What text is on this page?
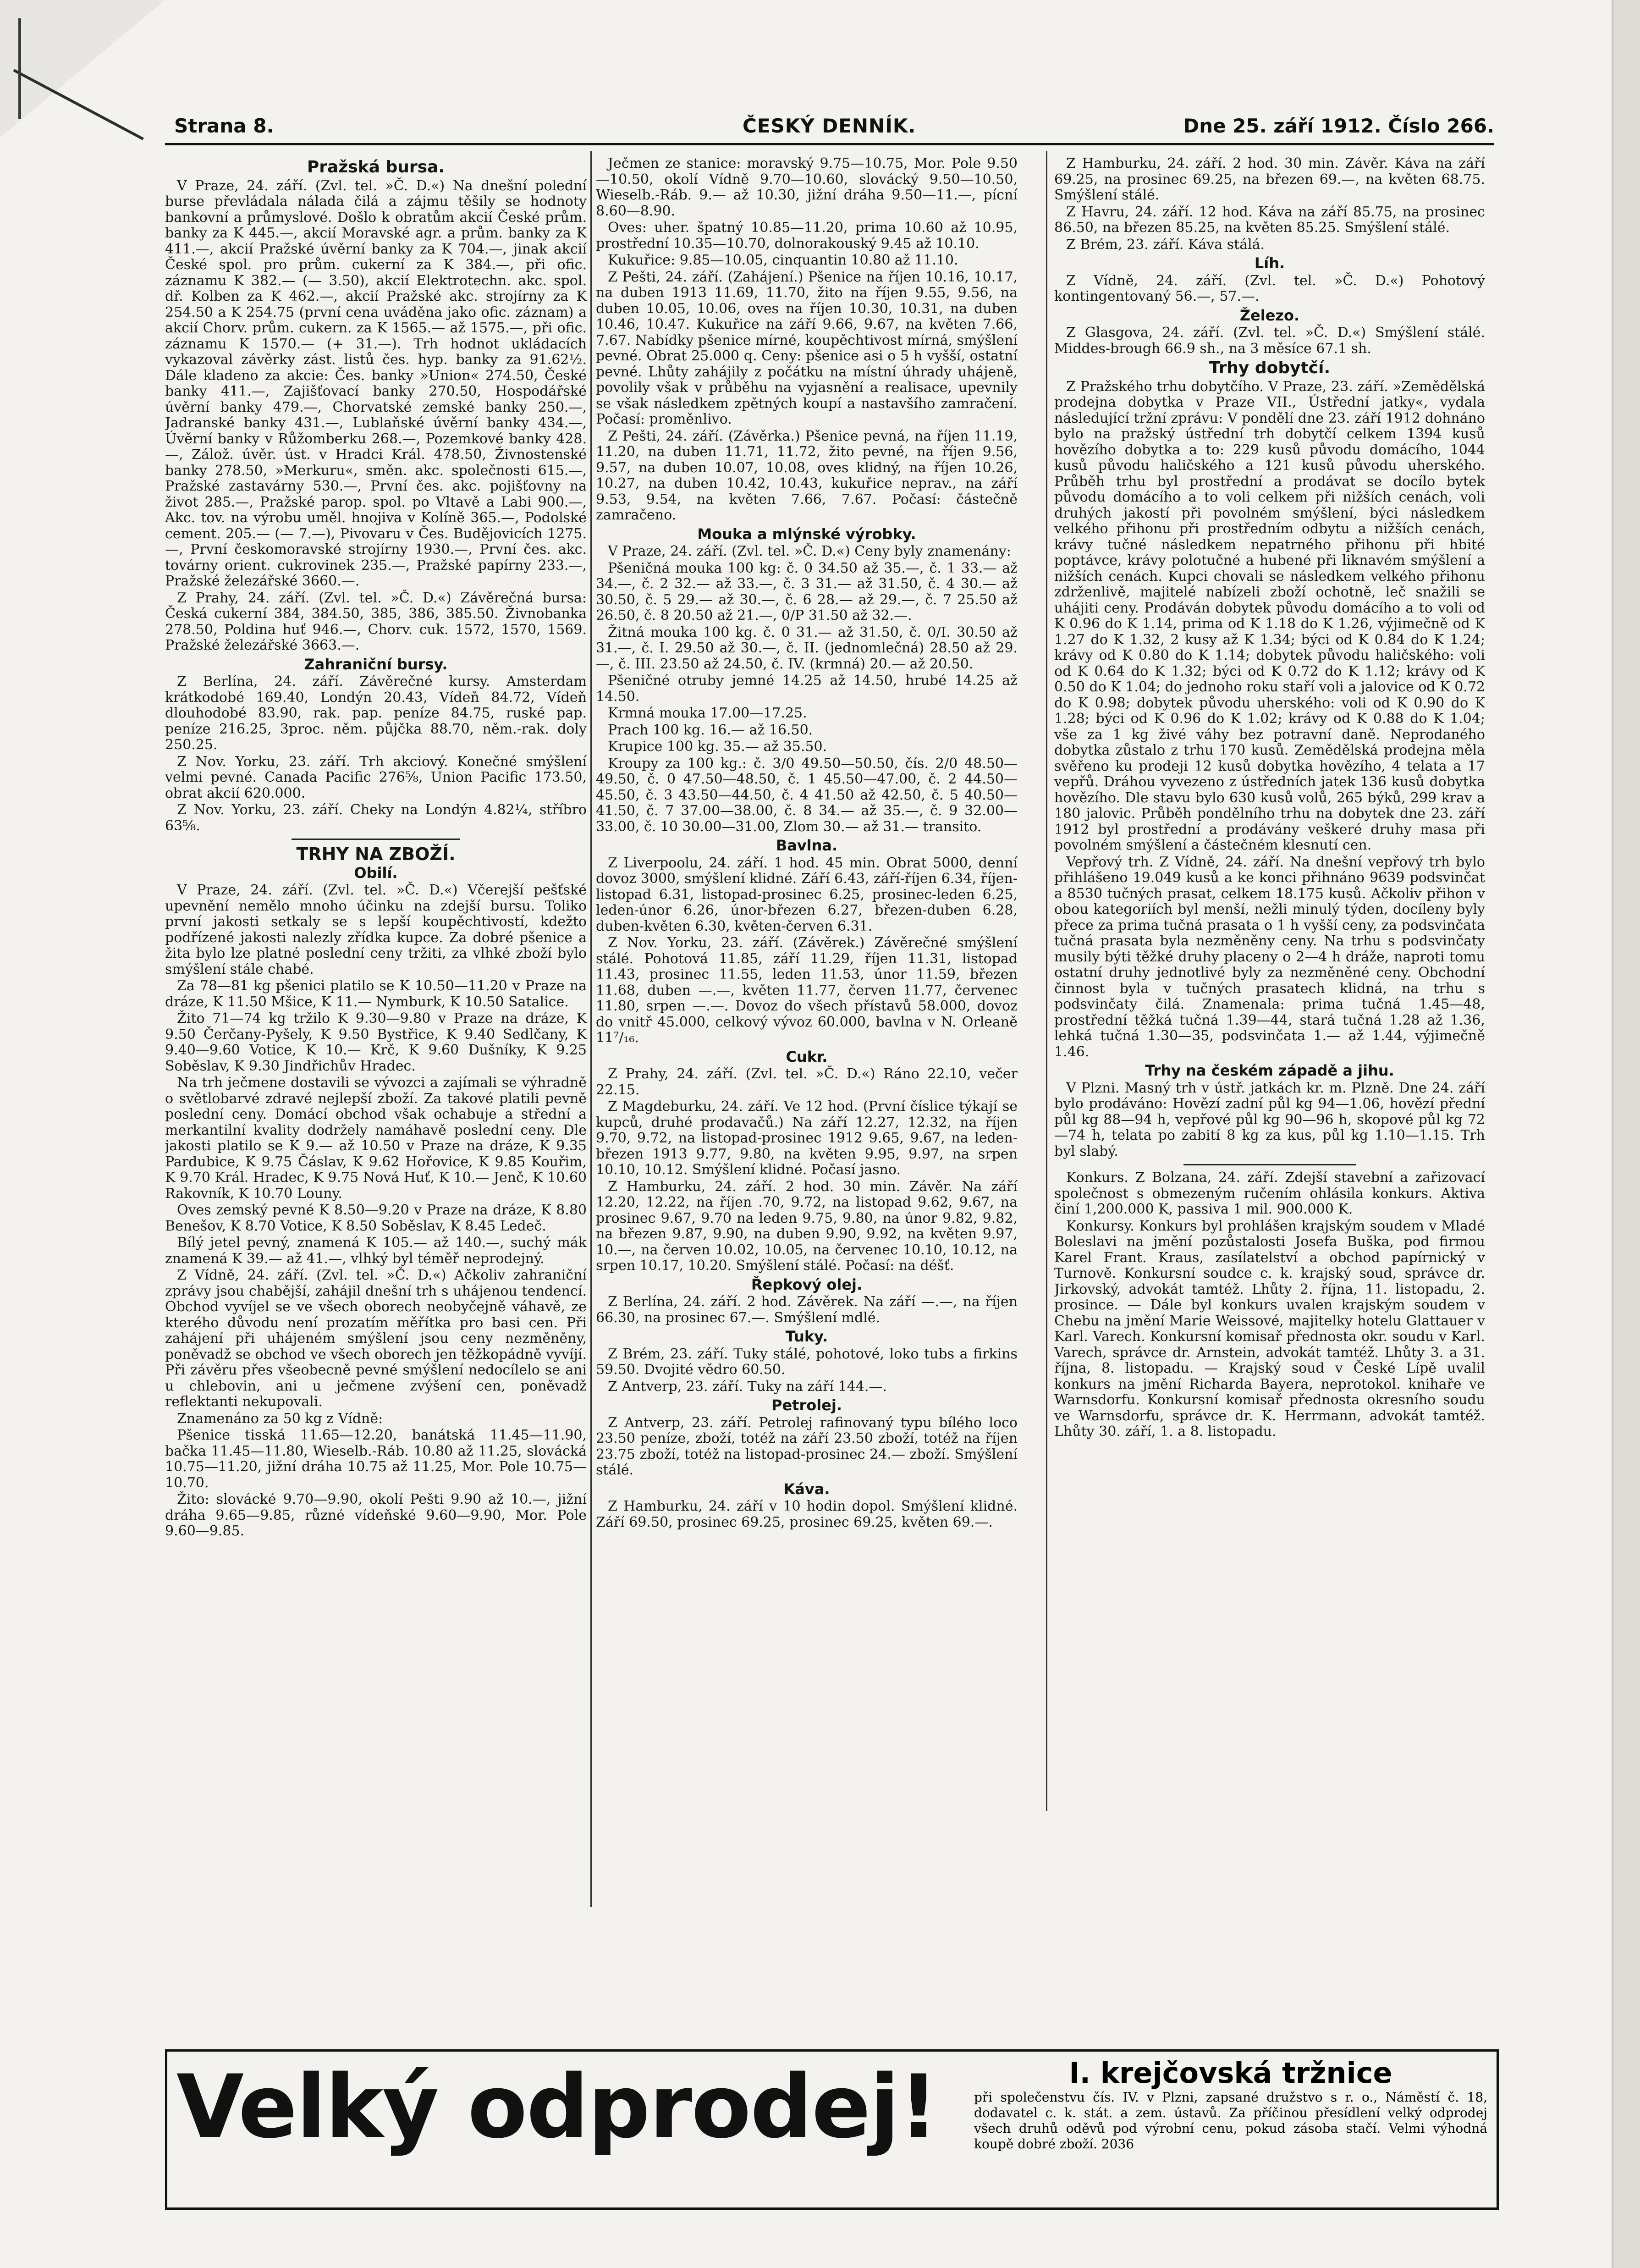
Strana 8.	ČESKÝ DENNÍK.	Dne 25. září 1912. Číslo 266.
Pražská bursa.

V Praze, 24. září. (Zvl. tel. »Č. D.«) Na dnešní polední burse převládala nálada čilá a zájmu těšily se hodnoty bankovní a průmyslové. Došlo k obratům akcií České prům. banky za K 445.—, akcií Moravské agr. a prům. banky za K 411.—, akcií Pražské úvěrní banky za K 704.—, jinak akcií České spol. pro prům. cukerní za K 384.—, při ofic. záznamu K 382.— (— 3.50), akcií Elektrotechn. akc. spol. dř. Kolben za K 462.—, akcií Pražské akc. strojírny za K 254.50 a K 254.75 (první cena uváděna jako ofic. záznam) a akcií Chorv. prům. cukern. za K 1565.— až 1575.—, při ofic. záznamu K 1570.— (+ 31.—). Trh hodnot ukládacích vykazoval závěrky zást. listů čes. hyp. banky za 91.62½. Dále kladeno za akcie: Čes. banky »Union« 274.50, České banky 411.—, Zajišťovací banky 270.50, Hospodářské úvěrní banky 479.—, Chorvatské zemské banky 250.—, Jadranské banky 431.—, Lublaňské úvěrní banky 434.—, Úvěrní banky v Růžomberku 268.—, Pozemkové banky 428.—, Zálož. úvěr. úst. v Hradci Král. 478.50, Živnostenské banky 278.50, »Merkuru«, směn. akc. společnosti 615.—, Pražské zastavárny 530.—, První čes. akc. pojišťovny na život 285.—, Pražské parop. spol. po Vltavě a Labi 900.—, Akc. tov. na výrobu uměl. hnojiva v Kolíně 365.—, Podolské cement. 205.— (— 7.—), Pivovaru v Čes. Budějovicích 1275.—, První českomoravské strojírny 1930.—, První čes. akc. továrny orient. cukrovinek 235.—, Pražské papírny 233.—, Pražské železářské 3660.—.

Z Prahy, 24. září. (Zvl. tel. »Č. D.«) Závěrečná bursa: Česká cukerní 384, 384.50, 385, 386, 385.50. Živnobanka 278.50, Poldina huť 946.—, Chorv. cuk. 1572, 1570, 1569. Pražské železářské 3663.—.

Zahraniční bursy.

Z Berlína, 24. září. Závěrečné kursy. Amsterdam krátkodobé 169.40, Londýn 20.43, Vídeň 84.72, Vídeň dlouhodobé 83.90, rak. pap. peníze 84.75, ruské pap. peníze 216.25, 3proc. něm. půjčka 88.70, něm.-rak. doly 250.25.

Z Nov. Yorku, 23. září. Trh akciový. Konečné smýšlení velmi pevné. Canada Pacific 276⅝, Union Pacific 173.50, obrat akcií 620.000.

Z Nov. Yorku, 23. září. Cheky na Londýn 4.82¼, stříbro 63⅝.

TRHY NA ZBOŽÍ.
Obilí.

V Praze, 24. září. (Zvl. tel. »Č. D.«) Včerejší pešťské upevnění nemělo mnoho účinku na zdejší bursu. Toliko první jakosti setkaly se s lepší koupěchtivostí, kdežto podřízené jakosti nalezly zřídka kupce. Za dobré pšenice a žita bylo lze platné poslední ceny tržiti, za vlhké zboží bylo smýšlení stále chabé.

Za 78—81 kg pšenici platilo se K 10.50—11.20 v Praze na dráze, K 11.50 Mšice, K 11.— Nymburk, K 10.50 Satalice.

Žito 71—74 kg tržilo K 9.30—9.80 v Praze na dráze, K 9.50 Čerčany-Pyšely, K 9.50 Bystřice, K 9.40 Sedlčany, K 9.40—9.60 Votice, K 10.— Krč, K 9.60 Dušníky, K 9.25 Soběslav, K 9.30 Jindřichův Hradec.

Na trh ječmene dostavili se vývozci a zajímali se výhradně o světlobarvé zdravé nejlepší zboží. Za takové platili pevně poslední ceny. Domácí obchod však ochabuje a střední a merkantilní kvality dodržely namáhavě poslední ceny. Dle jakosti platilo se K 9.— až 10.50 v Praze na dráze, K 9.35 Pardubice, K 9.75 Čáslav, K 9.62 Hořovice, K 9.85 Kouřim, K 9.70 Král. Hradec, K 9.75 Nová Huť, K 10.— Jenč, K 10.60 Rakovník, K 10.70 Louny.

Oves zemský pevné K 8.50—9.20 v Praze na dráze, K 8.80 Benešov, K 8.70 Votice, K 8.50 Soběslav, K 8.45 Ledeč.

Bílý jetel pevný, znamená K 105.— až 140.—, suchý mák znamená K 39.— až 41.—, vlhký byl téměř neprodejný.

Z Vídně, 24. září. (Zvl. tel. »Č. D.«) Ačkoliv zahraniční zprávy jsou chabější, zahájil dnešní trh s uhájenou tendencí. Obchod vyvíjel se ve všech oborech neobyčejně váhavě, ze kterého důvodu není prozatím měřítka pro basi cen. Při zahájení při uhájeném smýšlení jsou ceny nezměněny, poněvadž se obchod ve všech oborech jen těžkopádně vyvíjí. Při závěru přes všeobecně pevné smýšlení nedocílelo se ani u chlebovin, ani u ječmene zvýšení cen, poněvadž reflektanti nekupovali.

Znamenáno za 50 kg z Vídně:

Pšenice tisská 11.65—12.20, banátská 11.45—11.90, bačka 11.45—11.80, Wieselb.-Ráb. 10.80 až 11.25, slovácká 10.75—11.20, jižní dráha 10.75 až 11.25, Mor. Pole 10.75—10.70.

Žito: slovácké 9.70—9.90, okolí Pešti 9.90 až 10.—, jižní dráha 9.65—9.85, různé vídeňské 9.60—9.90, Mor. Pole 9.60—9.85.

Ječmen ze stanice: moravský 9.75—10.75, Mor. Pole 9.50—10.50, okolí Vídně 9.70—10.60, slovácký 9.50—10.50, Wieselb.-Ráb. 9.— až 10.30, jižní dráha 9.50—11.—, pícní 8.60—8.90.

Oves: uher. špatný 10.85—11.20, prima 10.60 až 10.95, prostřední 10.35—10.70, dolnorakouský 9.45 až 10.10.

Kukuřice: 9.85—10.05, cinquantin 10.80 až 11.10.

Z Pešti, 24. září. (Zahájení.) Pšenice na říjen 10.16, 10.17, na duben 1913 11.69, 11.70, žito na říjen 9.55, 9.56, na duben 10.05, 10.06, oves na říjen 10.30, 10.31, na duben 10.46, 10.47. Kukuřice na září 9.66, 9.67, na květen 7.66, 7.67. Nabídky pšenice mírné, koupěchtivost mírná, smýšlení pevné. Obrat 25.000 q. Ceny: pšenice asi o 5 h vyšší, ostatní pevné. Lhůty zahájily z počátku na místní úhrady uhájeně, povolily však v průběhu na vyjasnění a realisace, upevnily se však následkem zpětných koupí a nastavšího zamračení. Počasí: proměnlivo.

Z Pešti, 24. září. (Závěrka.) Pšenice pevná, na říjen 11.19, 11.20, na duben 11.71, 11.72, žito pevné, na říjen 9.56, 9.57, na duben 10.07, 10.08, oves klidný, na říjen 10.26, 10.27, na duben 10.42, 10.43, kukuřice neprav., na září 9.53, 9.54, na květen 7.66, 7.67. Počasí: částečně zamračeno.

Mouka a mlýnské výrobky.

V Praze, 24. září. (Zvl. tel. »Č. D.«) Ceny byly znamenány:

Pšeničná mouka 100 kg: č. 0 34.50 až 35.—, č. 1 33.— až 34.—, č. 2 32.— až 33.—, č. 3 31.— až 31.50, č. 4 30.— až 30.50, č. 5 29.— až 30.—, č. 6 28.— až 29.—, č. 7 25.50 až 26.50, č. 8 20.50 až 21.—, 0/P 31.50 až 32.—.

Žitná mouka 100 kg. č. 0 31.— až 31.50, č. 0/I. 30.50 až 31.—, č. I. 29.50 až 30.—, č. II. (jednomlečná) 28.50 až 29.—, č. III. 23.50 až 24.50, č. IV. (krmná) 20.— až 20.50.

Pšeničné otruby jemné 14.25 až 14.50, hrubé 14.25 až 14.50.

Krmná mouka 17.00—17.25.

Prach 100 kg. 16.— až 16.50.

Krupice 100 kg. 35.— až 35.50.

Kroupy za 100 kg.: č. 3/0 49.50—50.50, čís. 2/0 48.50—49.50, č. 0 47.50—48.50, č. 1 45.50—47.00, č. 2 44.50—45.50, č. 3 43.50—44.50, č. 4 41.50 až 42.50, č. 5 40.50—41.50, č. 7 37.00—38.00, č. 8 34.— až 35.—, č. 9 32.00—33.00, č. 10 30.00—31.00, Zlom 30.— až 31.— transito.

Bavlna.

Z Liverpoolu, 24. září. 1 hod. 45 min. Obrat 5000, denní dovoz 3000, smýšlení klidné. Září 6.43, září-říjen 6.34, říjen-listopad 6.31, listopad-prosinec 6.25, prosinec-leden 6.25, leden-únor 6.26, únor-březen 6.27, březen-duben 6.28, duben-květen 6.30, květen-červen 6.31.

Z Nov. Yorku, 23. září. (Závěrek.) Závěrečné smýšlení stálé. Pohotová 11.85, září 11.29, říjen 11.31, listopad 11.43, prosinec 11.55, leden 11.53, únor 11.59, březen 11.68, duben —.—, květen 11.77, červen 11.77, červenec 11.80, srpen —.—. Dovoz do všech přístavů 58.000, dovoz do vnitř 45.000, celkový vývoz 60.000, bavlna v N. Orleaně 11⁷/₁₆.

Cukr.

Z Prahy, 24. září. (Zvl. tel. »Č. D.«) Ráno 22.10, večer 22.15.

Z Magdeburku, 24. září. Ve 12 hod. (První číslice týkají se kupců, druhé prodavačů.) Na září 12.27, 12.32, na říjen 9.70, 9.72, na listopad-prosinec 1912 9.65, 9.67, na leden-březen 1913 9.77, 9.80, na květen 9.95, 9.97, na srpen 10.10, 10.12. Smýšlení klidné. Počasí jasno.

Z Hamburku, 24. září. 2 hod. 30 min. Závěr. Na září 12.20, 12.22, na říjen .70, 9.72, na listopad 9.62, 9.67, na prosinec 9.67, 9.70 na leden 9.75, 9.80, na únor 9.82, 9.82, na březen 9.87, 9.90, na duben 9.90, 9.92, na květen 9.97, 10.—, na červen 10.02, 10.05, na červenec 10.10, 10.12, na srpen 10.17, 10.20. Smýšlení stálé. Počasí: na déšť.

Řepkový olej.

Z Berlína, 24. září. 2 hod. Závěrek. Na září —.—, na říjen 66.30, na prosinec 67.—. Smýšlení mdlé.

Tuky.

Z Brém, 23. září. Tuky stálé, pohotové, loko tubs a firkins 59.50. Dvojité vědro 60.50.

Z Antverp, 23. září. Tuky na září 144.—.

Petrolej.

Z Antverp, 23. září. Petrolej rafinovaný typu bílého loco 23.50 peníze, zboží, totéž na září 23.50 zboží, totéž na říjen 23.75 zboží, totéž na listopad-prosinec 24.— zboží. Smýšlení stálé.

Káva.

Z Hamburku, 24. září v 10 hodin dopol. Smýšlení klidné. Září 69.50, prosinec 69.25, prosinec 69.25, květen 69.—.

Z Hamburku, 24. září. 2 hod. 30 min. Závěr. Káva na září 69.25, na prosinec 69.25, na březen 69.—, na květen 68.75. Smýšlení stálé.

Z Havru, 24. září. 12 hod. Káva na září 85.75, na prosinec 86.50, na březen 85.25, na květen 85.25. Smýšlení stálé.

Z Brém, 23. září. Káva stálá.

Líh.

Z Vídně, 24. září. (Zvl. tel. »Č. D.«) Pohotový kontingentovaný 56.—, 57.—.

Železo.

Z Glasgova, 24. září. (Zvl. tel. »Č. D.«) Smýšlení stálé. Middes-brough 66.9 sh., na 3 měsíce 67.1 sh.

Trhy dobytčí.

Z Pražského trhu dobytčího. V Praze, 23. září. »Zemědělská prodejna dobytka v Praze VII., Ústřední jatky«, vydala následující tržní zprávu: V pondělí dne 23. září 1912 dohnáno bylo na pražský ústřední trh dobytčí celkem 1394 kusů hovězího dobytka a to: 229 kusů původu domácího, 1044 kusů původu haličského a 121 kusů původu uherského. Průběh trhu byl prostřední a prodávat se docílo bytek původu domácího a to voli celkem při nižších cenách, voli druhých jakostí při povolném smýšlení, býci následkem velkého přihonu při prostředním odbytu a nižších cenách, krávy tučné následkem nepatrného přihonu při hbité poptávce, krávy polotučné a hubené při liknavém smýšlení a nižších cenách. Kupci chovali se následkem velkého přihonu zdrženlivě, majitelé nabízeli zboží ochotně, leč snažili se uhájiti ceny. Prodáván dobytek původu domácího a to voli od K 0.96 do K 1.14, prima od K 1.18 do K 1.26, výjimečně od K 1.27 do K 1.32, 2 kusy až K 1.34; býci od K 0.84 do K 1.24; krávy od K 0.80 do K 1.14; dobytek původu haličského: voli od K 0.64 do K 1.32; býci od K 0.72 do K 1.12; krávy od K 0.50 do K 1.04; do jednoho roku staří voli a jalovice od K 0.72 do K 0.98; dobytek původu uherského: voli od K 0.90 do K 1.28; býci od K 0.96 do K 1.02; krávy od K 0.88 do K 1.04; vše za 1 kg živé váhy bez potravní daně. Neprodaného dobytka zůstalo z trhu 170 kusů. Zemědělská prodejna měla svěřeno ku prodeji 12 kusů dobytka hovězího, 4 telata a 17 vepřů. Dráhou vyvezeno z ústředních jatek 136 kusů dobytka hovězího. Dle stavu bylo 630 kusů volů, 265 býků, 299 krav a 180 jalovic. Průběh pondělního trhu na dobytek dne 23. září 1912 byl prostřední a prodávány veškeré druhy masa při povolném smýšlení a částečném klesnutí cen.

Vepřový trh. Z Vídně, 24. září. Na dnešní vepřový trh bylo přihlášeno 19.049 kusů a ke konci přihnáno 9639 podsvinčat a 8530 tučných prasat, celkem 18.175 kusů. Ačkoliv přihon v obou kategoriích byl menší, nežli minulý týden, docíleny byly přece za prima tučná prasata o 1 h vyšší ceny, za podsvinčata tučná prasata byla nezměněny ceny. Na trhu s podsvinčaty musily býti těžké druhy placeny o 2—4 h dráže, naproti tomu ostatní druhy jednotlivé byly za nezměněné ceny. Obchodní činnost byla v tučných prasatech klidná, na trhu s podsvinčaty čilá. Znamenala: prima tučná 1.45—48, prostřední těžká tučná 1.39—44, stará tučná 1.28 až 1.36, lehká tučná 1.30—35, podsvinčata 1.— až 1.44, výjimečně 1.46.

Trhy na českém západě a jihu.

V Plzni. Masný trh v ústř. jatkách kr. m. Plzně. Dne 24. září bylo prodáváno: Hovězí zadní půl kg 94—1.06, hovězí přední půl kg 88—94 h, vepřové půl kg 90—96 h, skopové půl kg 72—74 h, telata po zabití 8 kg za kus, půl kg 1.10—1.15. Trh byl slabý.

Konkurs. Z Bolzana, 24. září. Zdejší stavební a zařizovací společnost s obmezeným ručením ohlásila konkurs. Aktiva činí 1,200.000 K, passiva 1 mil. 900.000 K.

Konkursy. Konkurs byl prohlášen krajským soudem v Mladé Boleslavi na jmění pozůstalosti Josefa Buška, pod firmou Karel Frant. Kraus, zasílatelství a obchod papírnický v Turnově. Konkursní soudce c. k. krajský soud, správce dr. Jirkovský, advokát tamtéž. Lhůty 2. října, 11. listopadu, 2. prosince. — Dále byl konkurs uvalen krajským soudem v Chebu na jmění Marie Weissové, majitelky hotelu Glattauer v Karl. Varech. Konkursní komisař přednosta okr. soudu v Karl. Varech, správce dr. Arnstein, advokát tamtéž. Lhůty 3. a 31. října, 8. listopadu. — Krajský soud v České Lípě uvalil konkurs na jmění Richarda Bayera, neprotokol. knihaře ve Warnsdorfu. Konkursní komisař přednosta okresního soudu ve Warnsdorfu, správce dr. K. Herrmann, advokát tamtéž. Lhůty 30. září, 1. a 8. listopadu.

Velký odprodej!	I. krejčovská tržnice
při společenstvu čís. IV. v Plzni, zapsané družstvo s r. o., Náměstí č. 18, dodavatel c. k. stát. a zem. ústavů. Za příčinou přesídlení velký odprodej všech druhů oděvů pod výrobní cenu, pokud zásoba stačí. Velmi výhodná koupě dobré zboží. 2036
